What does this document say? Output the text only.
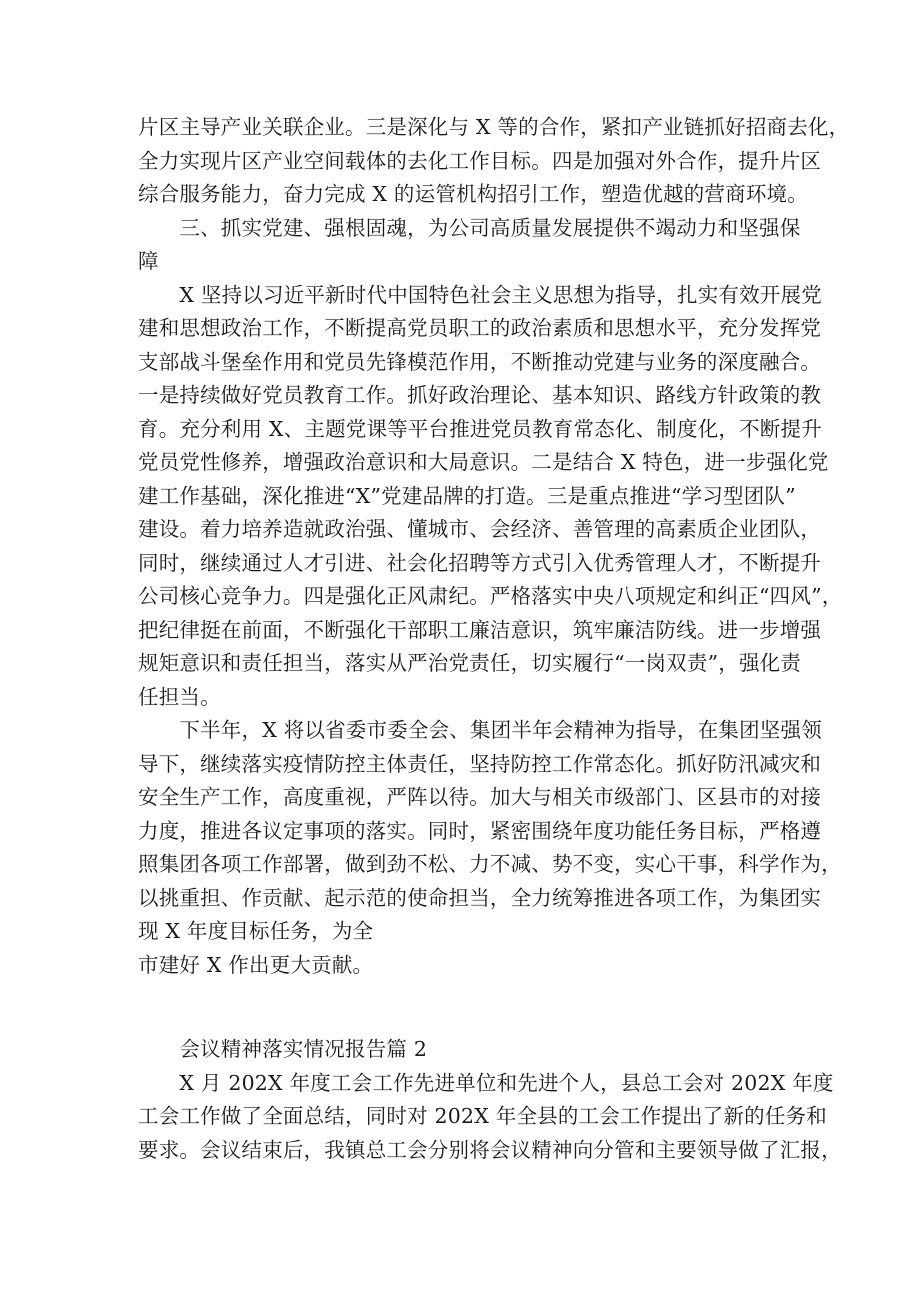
片区主导产业关联企业。三是深化与 X 等的合作，紧扣产业链抓好招商去化，
全力实现片区产业空间载体的去化工作目标。四是加强对外合作，提升片区
综合服务能力，奋力完成 X 的运管机构招引工作，塑造优越的营商环境。
　　三、抓实党建、强根固魂，为公司高质量发展提供不竭动力和坚强保
障
　　X 坚持以习近平新时代中国特色社会主义思想为指导，扎实有效开展党
建和思想政治工作，不断提高党员职工的政治素质和思想水平，充分发挥党
支部战斗堡垒作用和党员先锋模范作用，不断推动党建与业务的深度融合。
一是持续做好党员教育工作。抓好政治理论、基本知识、路线方针政策的教
育。充分利用 X、主题党课等平台推进党员教育常态化、制度化，不断提升
党员党性修养，增强政治意识和大局意识。二是结合 X 特色，进一步强化党
建工作基础，深化推进“X”党建品牌的打造。三是重点推进“学习型团队”
建设。着力培养造就政治强、懂城市、会经济、善管理的高素质企业团队，
同时，继续通过人才引进、社会化招聘等方式引入优秀管理人才，不断提升
公司核心竞争力。四是强化正风肃纪。严格落实中央八项规定和纠正“四风”，
把纪律挺在前面，不断强化干部职工廉洁意识，筑牢廉洁防线。进一步增强
规矩意识和责任担当，落实从严治党责任，切实履行“一岗双责”，强化责
任担当。
　　下半年，X 将以省委市委全会、集团半年会精神为指导，在集团坚强领
导下，继续落实疫情防控主体责任，坚持防控工作常态化。抓好防汛减灾和
安全生产工作，高度重视，严阵以待。加大与相关市级部门、区县市的对接
力度，推进各议定事项的落实。同时，紧密围绕年度功能任务目标，严格遵
照集团各项工作部署，做到劲不松、力不减、势不变，实心干事，科学作为，
以挑重担、作贡献、起示范的使命担当，全力统筹推进各项工作，为集团实
现 X 年度目标任务，为全
市建好 X 作出更大贡献。
　　会议精神落实情况报告篇 2
　　X 月 202X 年度工会工作先进单位和先进个人，县总工会对 202X 年度
工会工作做了全面总结，同时对 202X 年全县的工会工作提出了新的任务和
要求。会议结束后，我镇总工会分别将会议精神向分管和主要领导做了汇报，
